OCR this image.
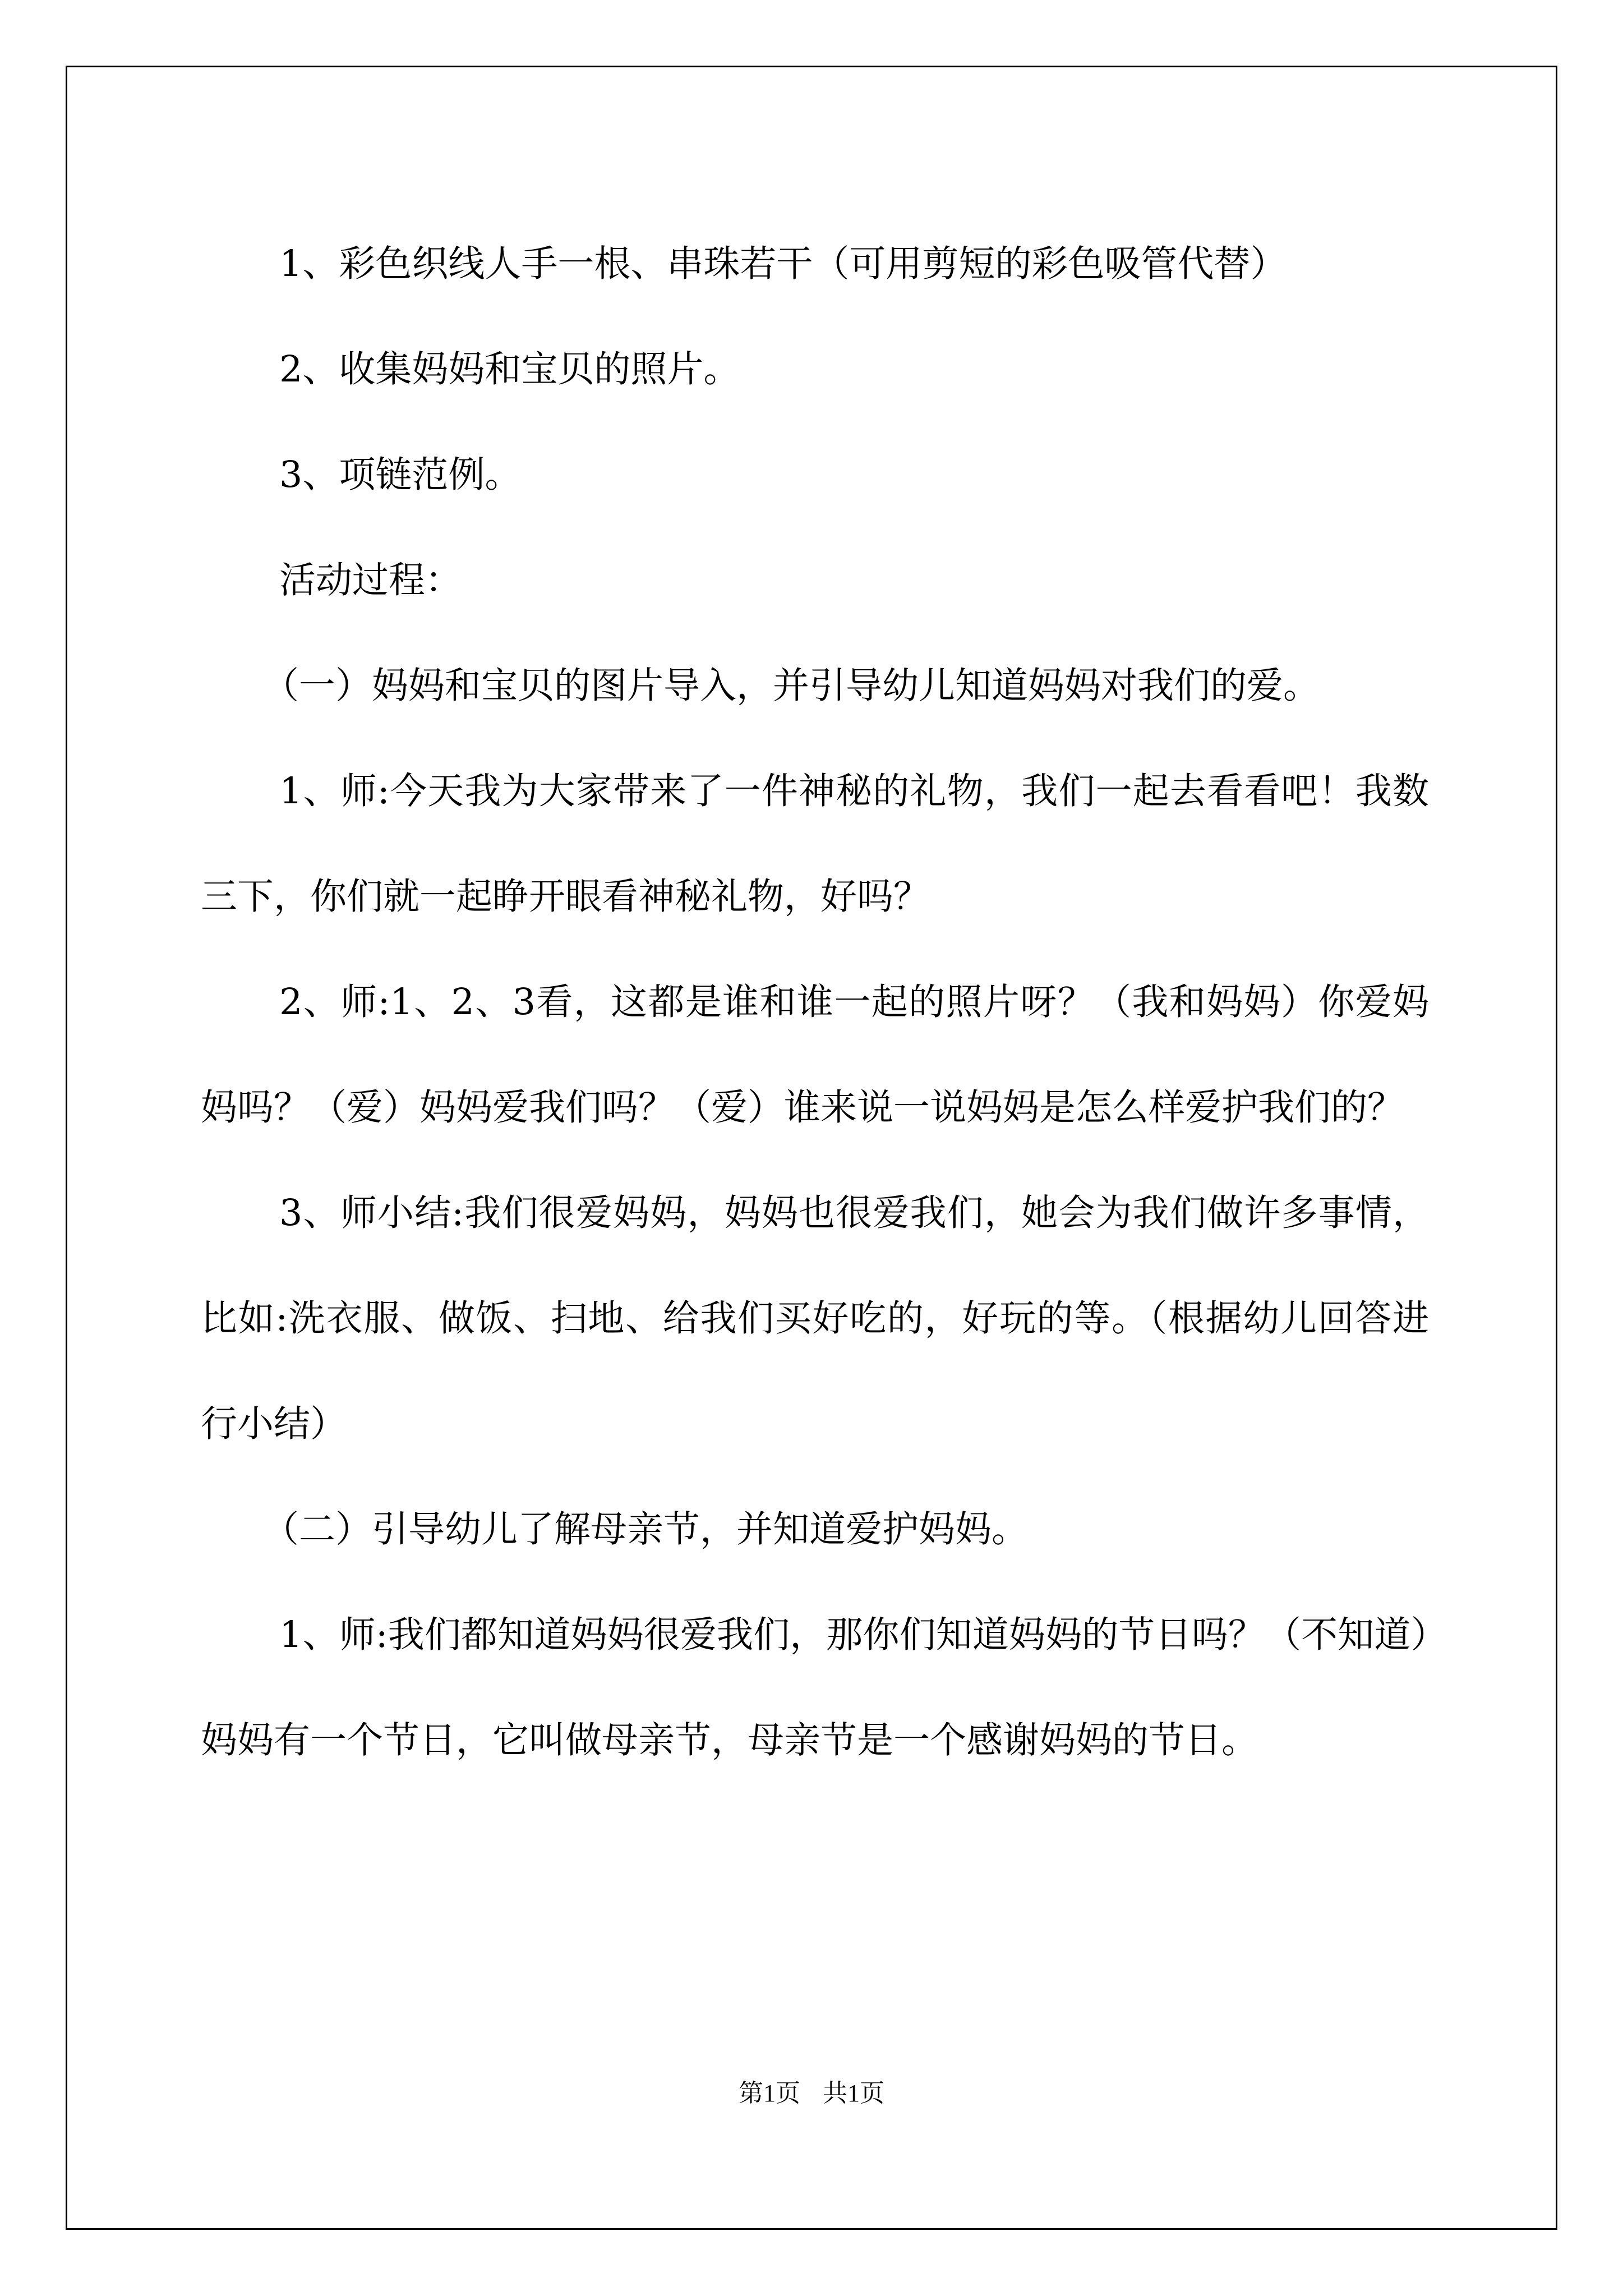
1、彩色织线人手一根、串珠若干（可用剪短的彩色吸管代替）

2、收集妈妈和宝贝的照片。

3、项链范例。

活动过程：

（一）妈妈和宝贝的图片导入，并引导幼儿知道妈妈对我们的爱。

1、师:今天我为大家带来了一件神秘的礼物，我们一起去看看吧！我数三下，你们就一起睁开眼看神秘礼物，好吗？

2、师:1、2、3看，这都是谁和谁一起的照片呀？（我和妈妈）你爱妈妈吗？（爱）妈妈爱我们吗？（爱）谁来说一说妈妈是怎么样爱护我们的？

3、师小结:我们很爱妈妈，妈妈也很爱我们，她会为我们做许多事情，比如:洗衣服、做饭、扫地、给我们买好吃的，好玩的等。（根据幼儿回答进行小结）

（二）引导幼儿了解母亲节，并知道爱护妈妈。

1、师:我们都知道妈妈很爱我们，那你们知道妈妈的节日吗？（不知道）妈妈有一个节日，它叫做母亲节，母亲节是一个感谢妈妈的节日。

第1页 共1页
